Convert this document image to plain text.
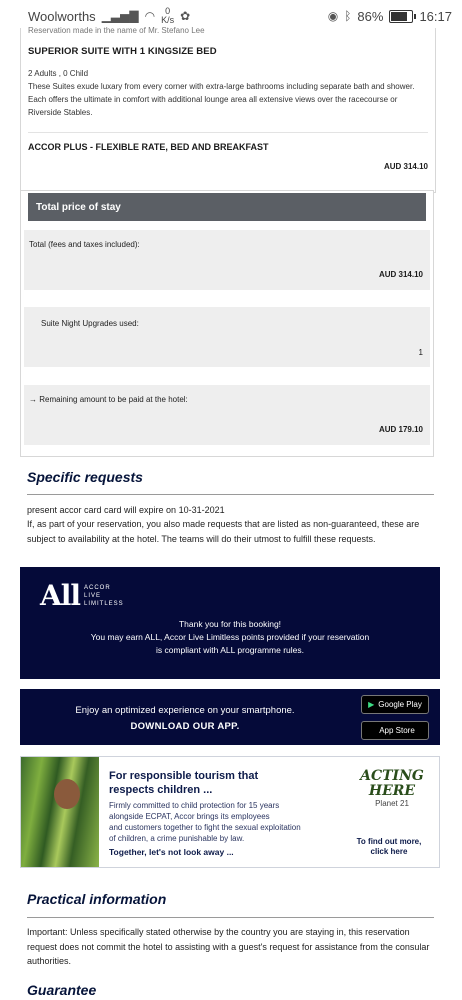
Woolworths ▁▃▅▇ ◠	0
K/s ✿	◉ ᛒ 86%	16:17
Reservation made in the name of Mr. Stefano Lee
SUPERIOR SUITE WITH 1 KINGSIZE BED
2 Adults , 0 Child
These Suites exude luxary from every corner with extra-large bathrooms including separate bath and shower. Each offers the ultimate in comfort with additional lounge area all extensive views over the racecourse or Riverside Stables.
ACCOR PLUS - FLEXIBLE RATE, BED AND BREAKFAST
AUD 314.10
Total price of stay
Total (fees and taxes included):
AUD 314.10
Suite Night Upgrades used:
1
→ Remaining amount to be paid at the hotel:
AUD 179.10
Specific requests
present accor card card will expire on 10-31-2021
If, as part of your reservation, you also made requests that are listed as non-guaranteed, these are subject to availability at the hotel. The teams will do their utmost to fulfill these requests.
All ACCOR
LIVE
LIMITLESS
Thank you for this booking!
You may earn ALL, Accor Live Limitless points provided if your reservation
is compliant with ALL programme rules.
Enjoy an optimized experience on your smartphone.
DOWNLOAD OUR APP.
▶ Google Play
App Store
For responsible tourism that
respects children ...
Firmly committed to child protection for 15 years
alongside ECPAT, Accor brings its employees
and customers together to fight the sexual exploitation
of children, a crime punishable by law.
Together, let's not look away ...
ACTING
HERE
Planet 21
To find out more,
click here
Practical information
Important: Unless specifically stated otherwise by the country you are staying in, this reservation request does not commit the hotel to assisting with a guest's request for assistance from the consular authorities.
Guarantee
